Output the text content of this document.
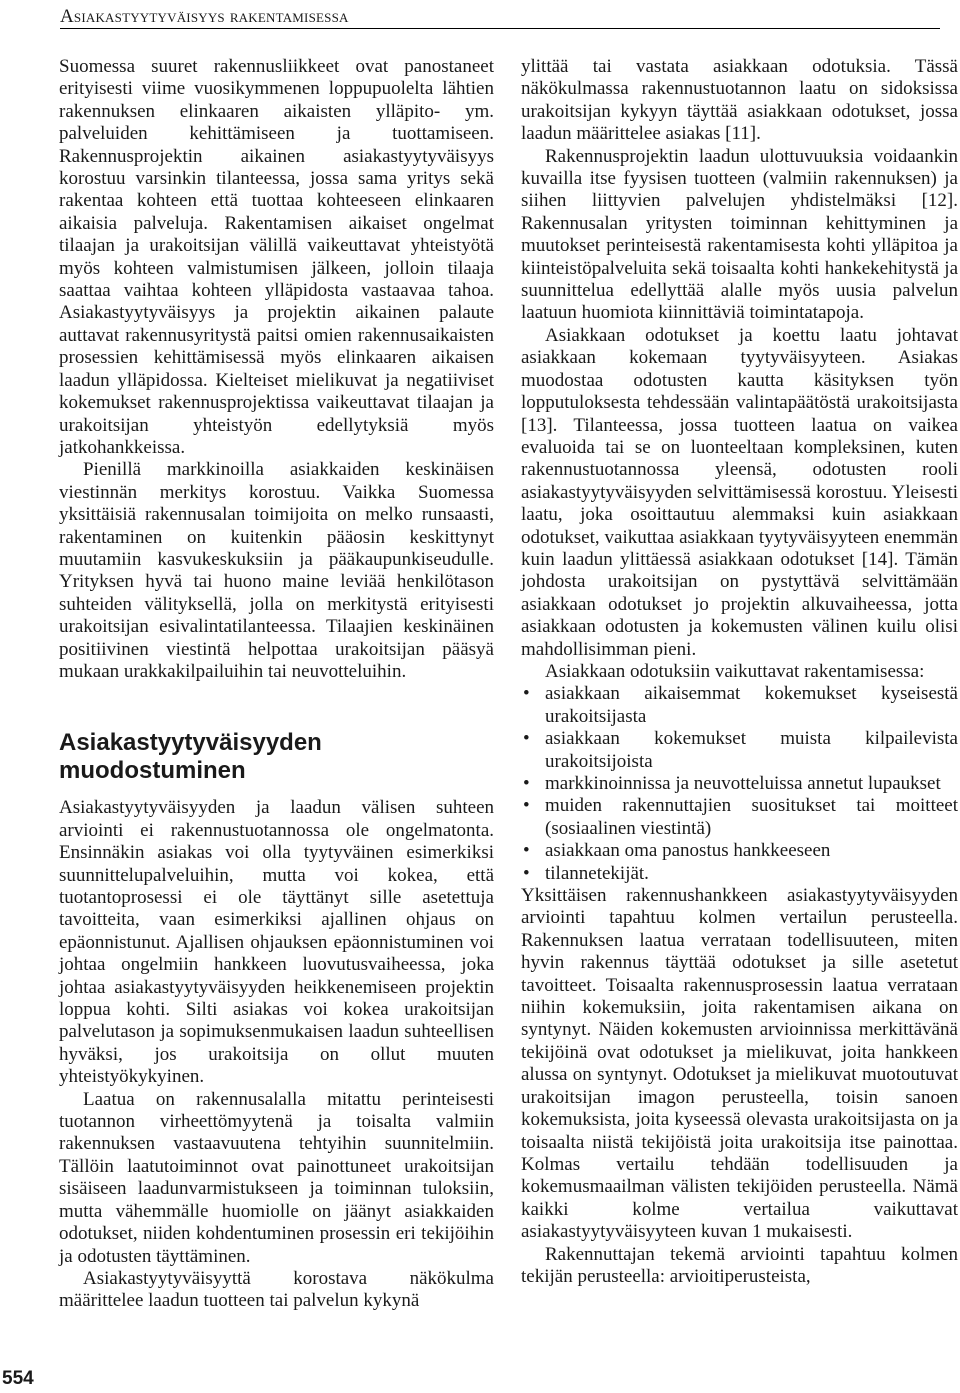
Asiakastyytyväisyys rakentamisessa

Suomessa suuret rakennusliikkeet ovat panostaneet erityisesti viime vuosikymmenen loppupuolelta lähtien rakennuksen elinkaaren aikaisten ylläpito- ym. palveluiden kehittämiseen ja tuottamiseen. Rakennusprojektin aikainen asiakastyytyväisyys korostuu varsinkin tilanteessa, jossa sama yritys sekä rakentaa kohteen että tuottaa kohteeseen elinkaaren aikaisia palveluja. Rakentamisen aikaiset ongelmat tilaajan ja urakoitsijan välillä vaikeuttavat yhteistyötä myös kohteen valmistumisen jälkeen, jolloin tilaaja saattaa vaihtaa kohteen ylläpidosta vastaavaa tahoa. Asiakastyytyväisyys ja projektin aikainen palaute auttavat rakennusyritystä paitsi omien rakennusaikaisten prosessien kehittämisessä myös elinkaaren aikaisen laadun ylläpidossa. Kielteiset mielikuvat ja negatiiviset kokemukset rakennusprojektissa vaikeuttavat tilaajan ja urakoitsijan yhteistyön edellytyksiä myös jatkohankkeissa.

Pienillä markkinoilla asiakkaiden keskinäisen viestinnän merkitys korostuu. Vaikka Suomessa yksittäisiä rakennusalan toimijoita on melko runsaasti, rakentaminen on kuitenkin pääosin keskittynyt muutamiin kasvukeskuksiin ja pääkaupunkiseudulle. Yrityksen hyvä tai huono maine leviää henkilötason suhteiden välityksellä, jolla on merkitystä erityisesti urakoitsijan esivalintatilanteessa. Tilaajien keskinäinen positiivinen viestintä helpottaa urakoitsijan pääsyä mukaan urakkakilpailuihin tai neuvotteluihin.

Asiakastyytyväisyyden muodostuminen

Asiakastyytyväisyyden ja laadun välisen suhteen arviointi ei rakennustuotannossa ole ongelmatonta. Ensinnäkin asiakas voi olla tyytyväinen esimerkiksi suunnittelupalveluihin, mutta voi kokea, että tuotantoprosessi ei ole täyttänyt sille asetettuja tavoitteita, vaan esimerkiksi ajallinen ohjaus on epäonnistunut. Ajallisen ohjauksen epäonnistuminen voi johtaa ongelmiin hankkeen luovutusvaiheessa, joka johtaa asiakastyytyväisyyden heikkenemiseen projektin loppua kohti. Silti asiakas voi kokea urakoitsijan palvelutason ja sopimuksenmukaisen laadun suhteellisen hyväksi, jos urakoitsija on ollut muuten yhteistyökykyinen.

Laatua on rakennusalalla mitattu perinteisesti tuotannon virheettömyytenä ja toisalta valmiin rakennuksen vastaavuutena tehtyihin suunnitelmiin. Tällöin laatutoiminnot ovat painottuneet urakoitsijan sisäiseen laadunvarmistukseen ja toiminnan tuloksiin, mutta vähemmälle huomiolle on jäänyt asiakkaiden odotukset, niiden kohdentuminen prosessin eri tekijöihin ja odotusten täyttäminen.

Asiakastyytyväisyyttä korostava näkökulma määrittelee laadun tuotteen tai palvelun kykynä

ylittää tai vastata asiakkaan odotuksia. Tässä näkökulmassa rakennustuotannon laatu on sidoksissa urakoitsijan kykyyn täyttää asiakkaan odotukset, jossa laadun määrittelee asiakas [11].

Rakennusprojektin laadun ulottuvuuksia voidaankin kuvailla itse fyysisen tuotteen (valmiin rakennuksen) ja siihen liittyvien palvelujen yhdistelmäksi [12]. Rakennusalan yritysten toiminnan kehittyminen ja muutokset perinteisestä rakentamisesta kohti ylläpitoa ja kiinteistöpalveluita sekä toisaalta kohti hankekehitystä ja suunnittelua edellyttää alalle myös uusia palvelun laatuun huomiota kiinnittäviä toimintatapoja.

Asiakkaan odotukset ja koettu laatu johtavat asiakkaan kokemaan tyytyväisyyteen. Asiakas muodostaa odotusten kautta käsityksen työn lopputuloksesta tehdessään valintapäätöstä urakoitsijasta [13]. Tilanteessa, jossa tuotteen laatua on vaikea evaluoida tai se on luonteeltaan kompleksinen, kuten rakennustuotannossa yleensä, odotusten rooli asiakastyytyväisyyden selvittämisessä korostuu. Yleisesti laatu, joka osoittautuu alemmaksi kuin asiakkaan odotukset, vaikuttaa asiakkaan tyytyväisyyteen enemmän kuin laadun ylittäessä asiakkaan odotukset [14]. Tämän johdosta urakoitsijan on pystyttävä selvittämään asiakkaan odotukset jo projektin alkuvaiheessa, jotta asiakkaan odotusten ja kokemusten välinen kuilu olisi mahdollisimman pieni.

Asiakkaan odotuksiin vaikuttavat rakentamisessa:

• asiakkaan aikaisemmat kokemukset kyseisestä urakoitsijasta
• asiakkaan kokemukset muista kilpailevista urakoitsijoista
• markkinoinnissa ja neuvotteluissa annetut lupaukset
• muiden rakennuttajien suositukset tai moitteet (sosiaalinen viestintä)
• asiakkaan oma panostus hankkeeseen
• tilannetekijät.

Yksittäisen rakennushankkeen asiakastyytyväisyyden arviointi tapahtuu kolmen vertailun perusteella. Rakennuksen laatua verrataan todellisuuteen, miten hyvin rakennus täyttää odotukset ja sille asetetut tavoitteet. Toisaalta rakennusprosessin laatua verrataan niihin kokemuksiin, joita rakentamisen aikana on syntynyt. Näiden kokemusten arvioinnissa merkittävänä tekijöinä ovat odotukset ja mielikuvat, joita hankkeen alussa on syntynyt. Odotukset ja mielikuvat muotoutuvat urakoitsijan imagon perusteella, toisin sanoen kokemuksista, joita kyseessä olevasta urakoitsijasta on ja toisaalta niistä tekijöistä joita urakoitsija itse painottaa. Kolmas vertailu tehdään todellisuuden ja kokemusmaailman välisten tekijöiden perusteella. Nämä kaikki kolme vertailua vaikuttavat asiakastyytyväisyyteen kuvan 1 mukaisesti.

Rakennuttajan tekemä arviointi tapahtuu kolmen tekijän perusteella: arvioitiperusteista,

554
